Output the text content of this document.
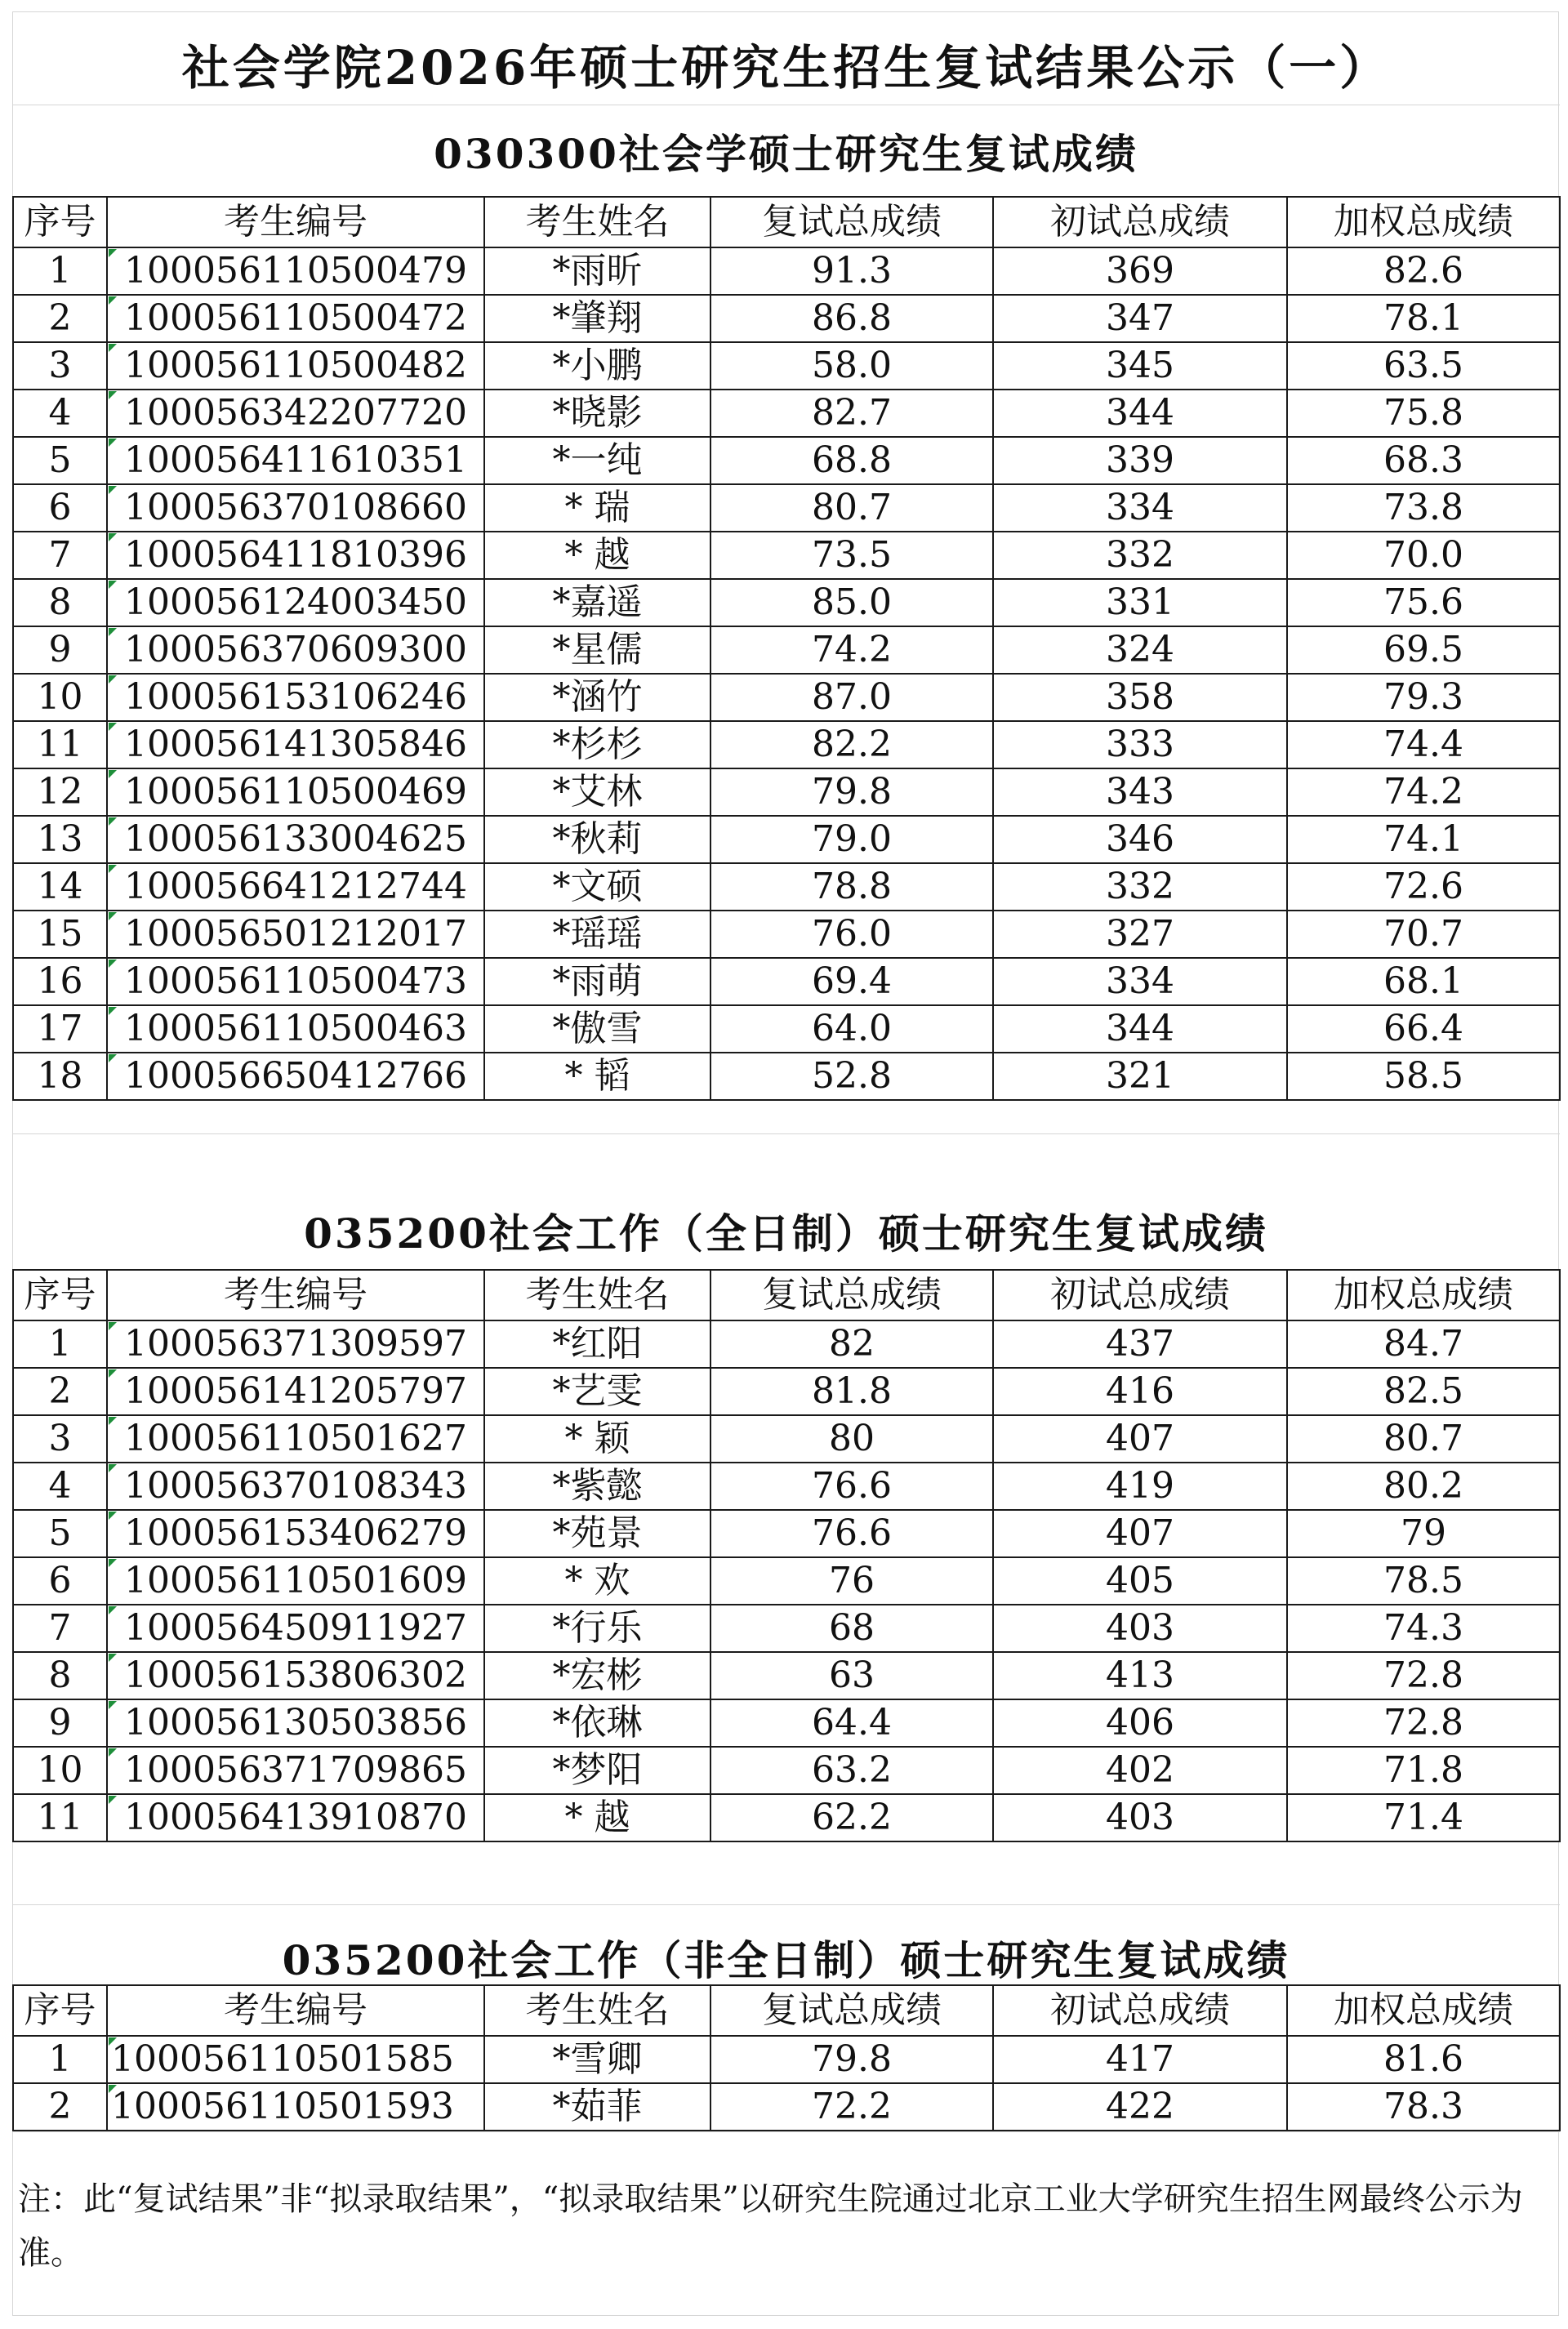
社会学院2026年硕士研究生招生复试结果公示（一）
030300社会学硕士研究生复试成绩
序号	考生编号	考生姓名	复试总成绩	初试总成绩	加权总成绩
1	100056110500479	*雨昕	91.3	369	82.6
2	100056110500472	*肇翔	86.8	347	78.1
3	100056110500482	*小鹏	58.0	345	63.5
4	100056342207720	*晓影	82.7	344	75.8
5	100056411610351	*一纯	68.8	339	68.3
6	100056370108660	* 瑞	80.7	334	73.8
7	100056411810396	* 越	73.5	332	70.0
8	100056124003450	*嘉遥	85.0	331	75.6
9	100056370609300	*星儒	74.2	324	69.5
10	100056153106246	*涵竹	87.0	358	79.3
11	100056141305846	*杉杉	82.2	333	74.4
12	100056110500469	*艾林	79.8	343	74.2
13	100056133004625	*秋莉	79.0	346	74.1
14	100056641212744	*文硕	78.8	332	72.6
15	100056501212017	*瑶瑶	76.0	327	70.7
16	100056110500473	*雨萌	69.4	334	68.1
17	100056110500463	*傲雪	64.0	344	66.4
18	100056650412766	* 韬	52.8	321	58.5
035200社会工作（全日制）硕士研究生复试成绩
序号	考生编号	考生姓名	复试总成绩	初试总成绩	加权总成绩
1	100056371309597	*红阳	82	437	84.7
2	100056141205797	*艺雯	81.8	416	82.5
3	100056110501627	* 颖	80	407	80.7
4	100056370108343	*紫懿	76.6	419	80.2
5	100056153406279	*苑景	76.6	407	79
6	100056110501609	* 欢	76	405	78.5
7	100056450911927	*行乐	68	403	74.3
8	100056153806302	*宏彬	63	413	72.8
9	100056130503856	*依琳	64.4	406	72.8
10	100056371709865	*梦阳	63.2	402	71.8
11	100056413910870	* 越	62.2	403	71.4
035200社会工作（非全日制）硕士研究生复试成绩
序号	考生编号	考生姓名	复试总成绩	初试总成绩	加权总成绩
1	100056110501585	*雪卿	79.8	417	81.6
2	100056110501593	*茹菲	72.2	422	78.3
注：此“复试结果”非“拟录取结果”，“拟录取结果”以研究生院通过北京工业大学研究生招生网最终公示为准。
